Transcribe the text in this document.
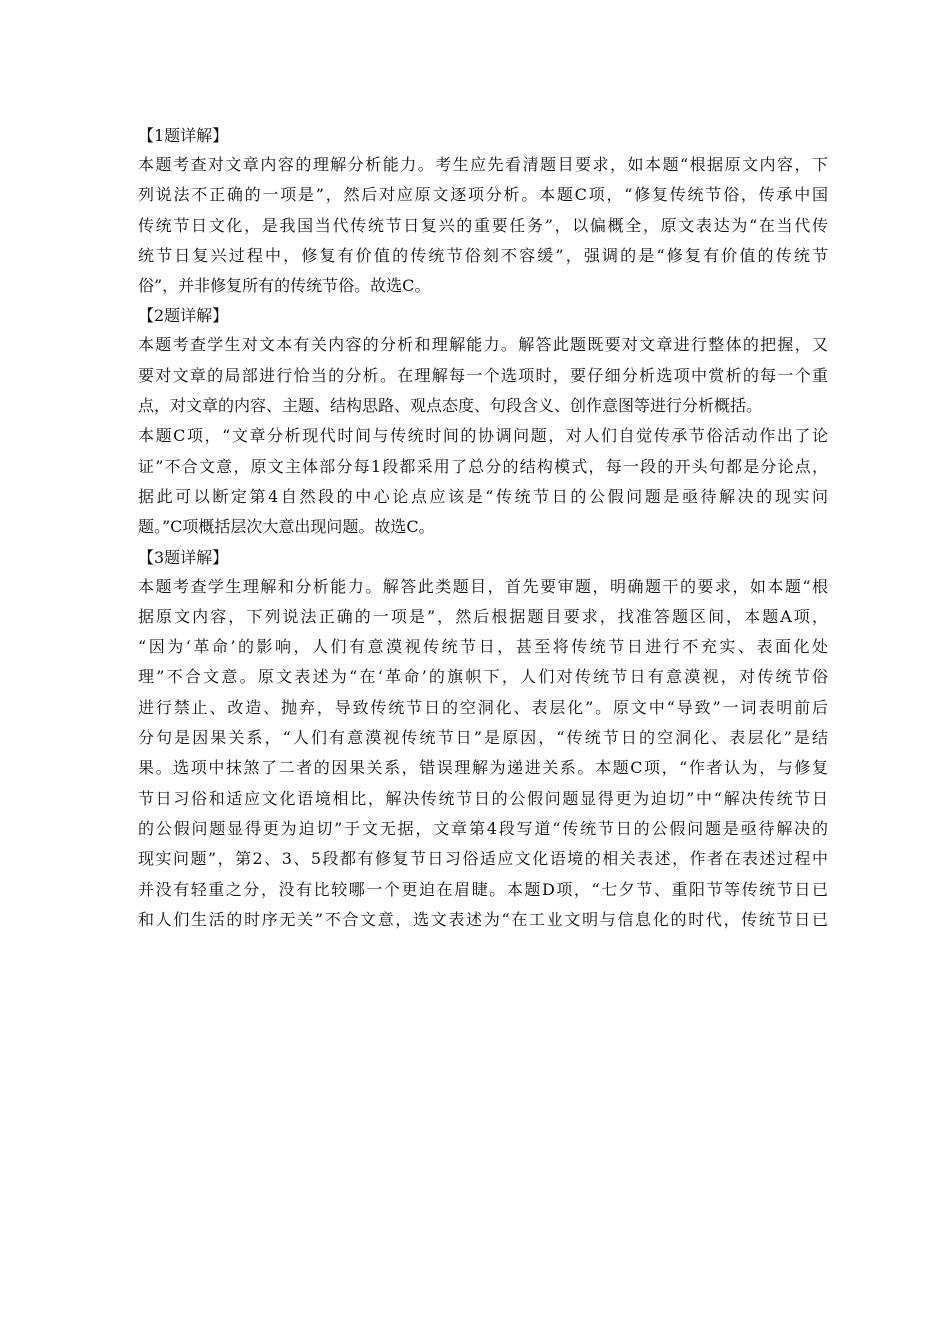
【1题详解】
本题考查对文章内容的理解分析能力。考生应先看清题目要求，如本题“根据原文内容，下
列说法不正确的一项是”，然后对应原文逐项分析。本题C项，“修复传统节俗，传承中国
传统节日文化，是我国当代传统节日复兴的重要任务”，以偏概全，原文表达为“在当代传
统节日复兴过程中，修复有价值的传统节俗刻不容缓”，强调的是“修复有价值的传统节
俗”，并非修复所有的传统节俗。故选C。
【2题详解】
本题考查学生对文本有关内容的分析和理解能力。解答此题既要对文章进行整体的把握，又
要对文章的局部进行恰当的分析。在理解每一个选项时，要仔细分析选项中赏析的每一个重
点，对文章的内容、主题、结构思路、观点态度、句段含义、创作意图等进行分析概括。
本题C项，“文章分析现代时间与传统时间的协调问题，对人们自觉传承节俗活动作出了论
证”不合文意，原文主体部分每1段都采用了总分的结构模式，每一段的开头句都是分论点，
据此可以断定第4自然段的中心论点应该是“传统节日的公假问题是亟待解决的现实问
题。”C项概括层次大意出现问题。故选C。
【3题详解】
本题考查学生理解和分析能力。解答此类题目，首先要审题，明确题干的要求，如本题“根
据原文内容，下列说法正确的一项是”，然后根据题目要求，找准答题区间，本题A项，
“因为‘革命’的影响，人们有意漠视传统节日，甚至将传统节日进行不充实、表面化处
理”不合文意。原文表述为“在‘革命’的旗帜下，人们对传统节日有意漠视，对传统节俗
进行禁止、改造、抛弃，导致传统节日的空洞化、表层化”。原文中“导致”一词表明前后
分句是因果关系，“人们有意漠视传统节日”是原因，“传统节日的空洞化、表层化”是结
果。选项中抹煞了二者的因果关系，错误理解为递进关系。本题C项，“作者认为，与修复
节日习俗和适应文化语境相比，解决传统节日的公假问题显得更为迫切”中“解决传统节日
的公假问题显得更为迫切”于文无据，文章第4段写道“传统节日的公假问题是亟待解决的
现实问题”，第2、3、5段都有修复节日习俗适应文化语境的相关表述，作者在表述过程中
并没有轻重之分，没有比较哪一个更迫在眉睫。本题D项，“七夕节、重阳节等传统节日已
和人们生活的时序无关”不合文意，选文表述为“在工业文明与信息化的时代，传统节日已
